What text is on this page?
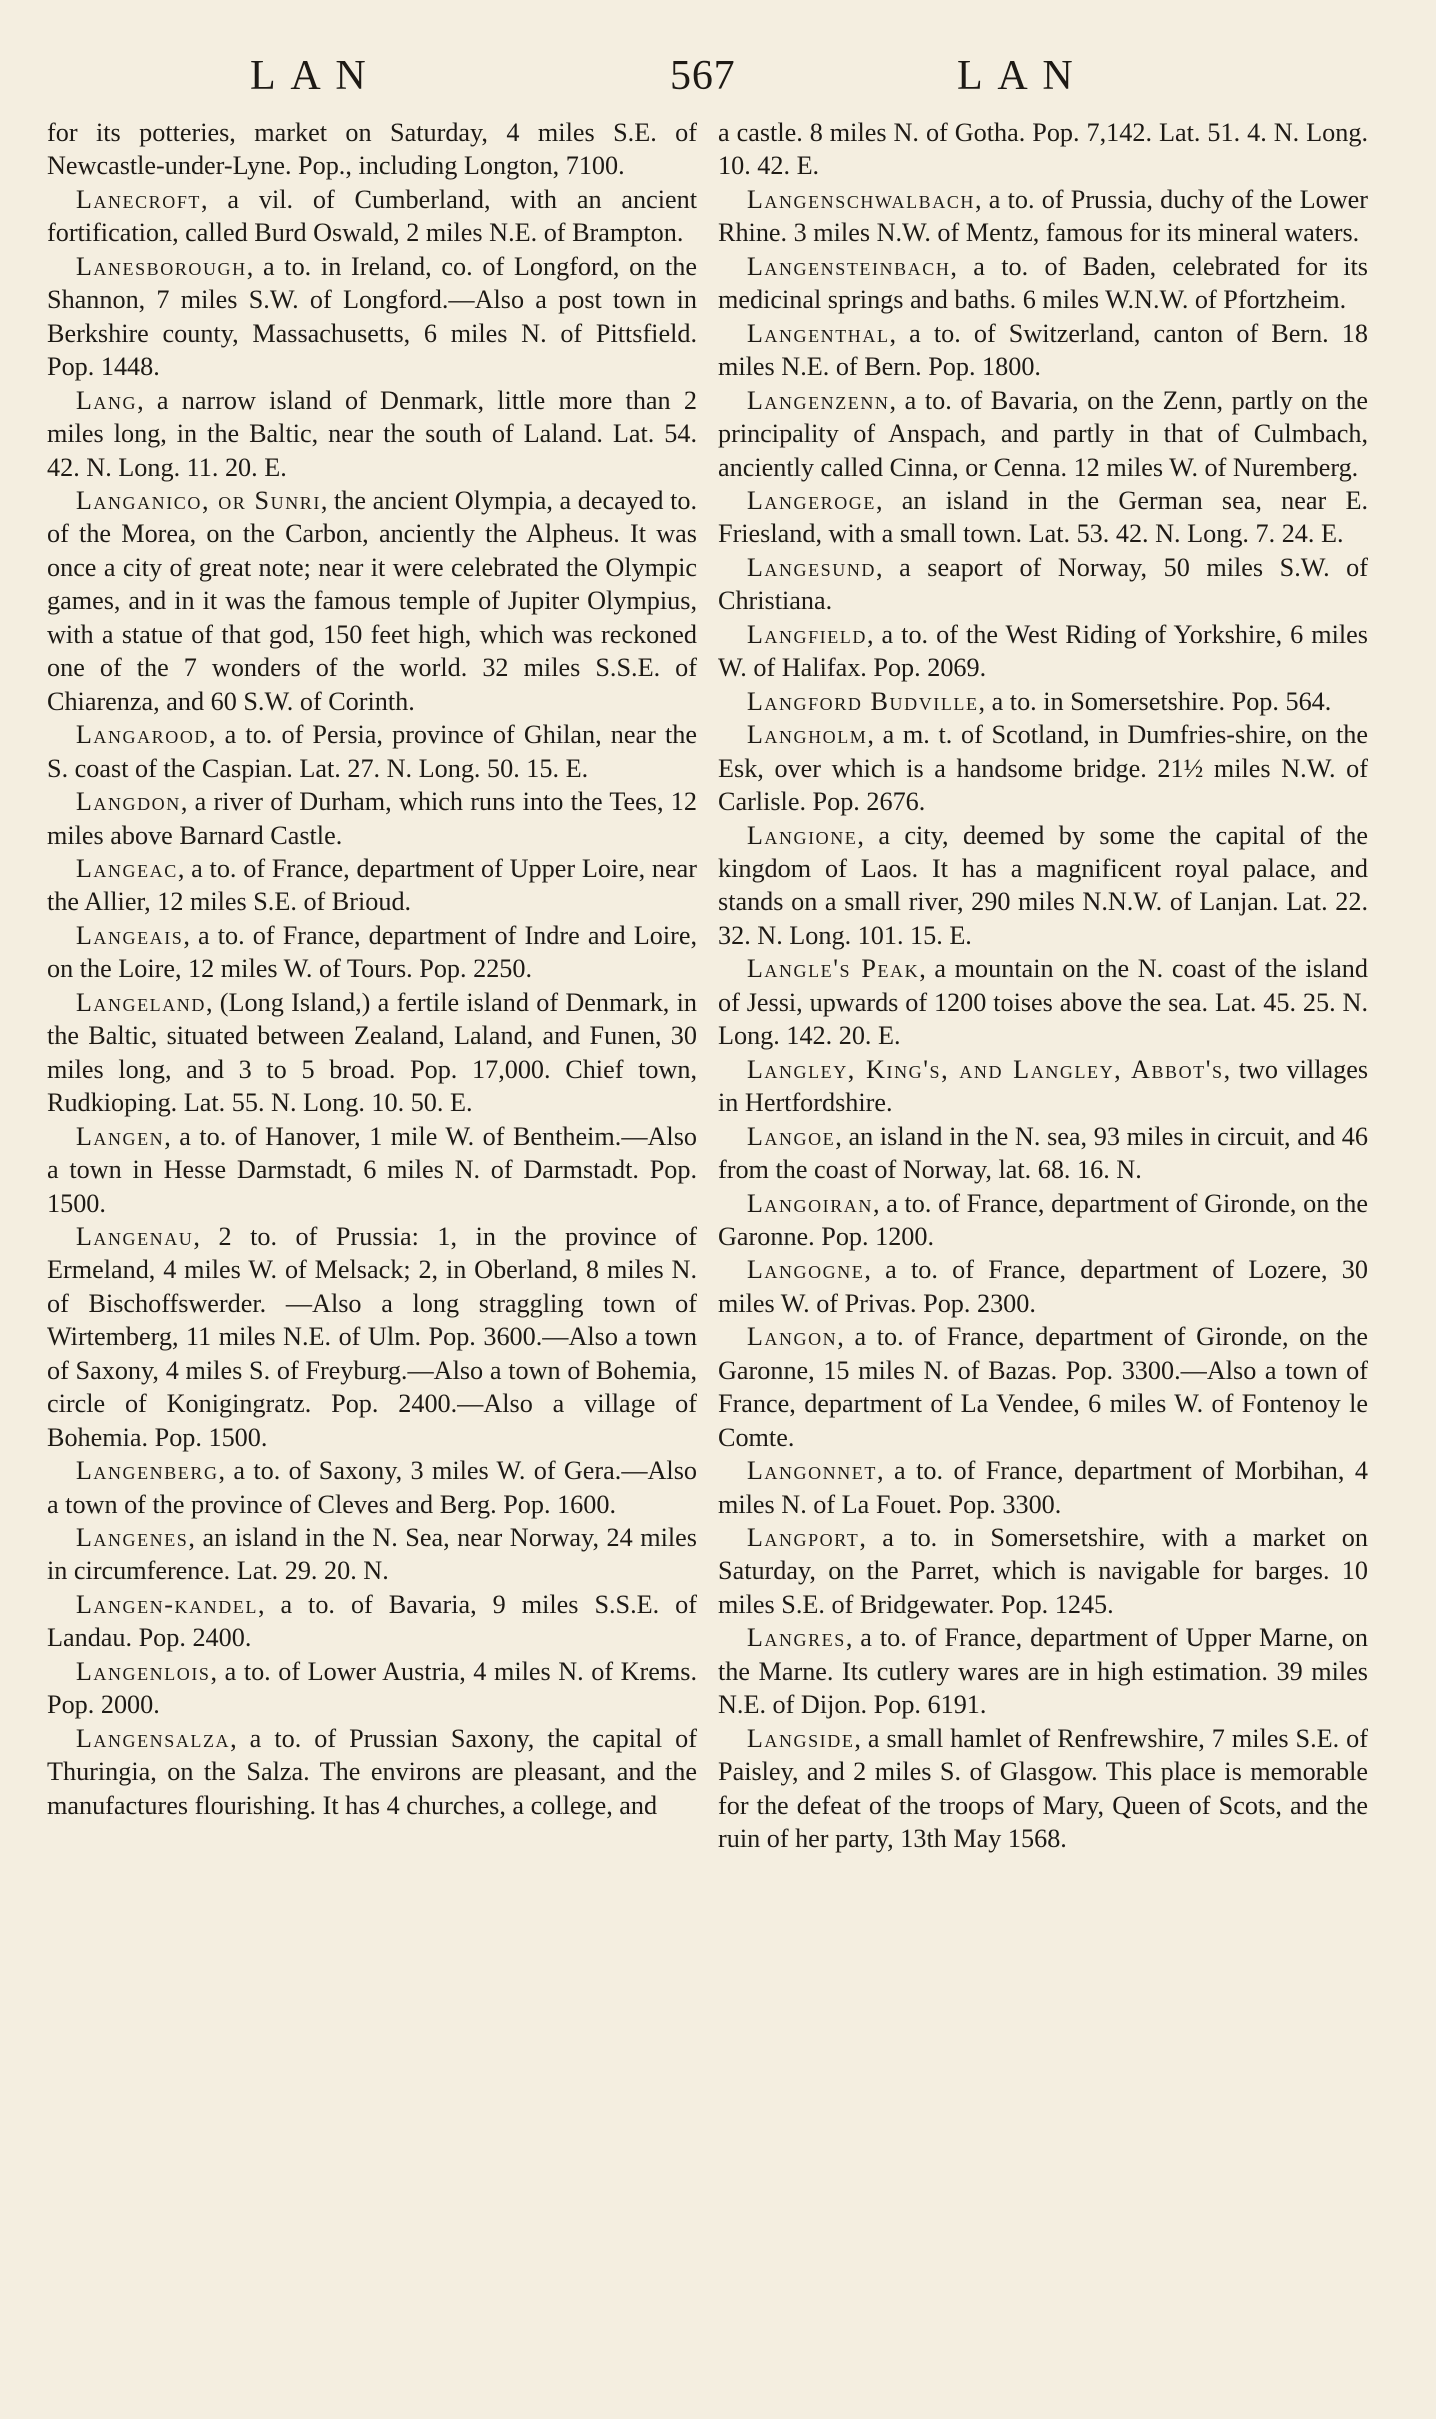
LAN	567	LAN

for its potteries, market on Saturday, 4 miles S.E. of Newcastle-under-Lyne. Pop., including Longton, 7100.

Lanecroft, a vil. of Cumberland, with an ancient fortification, called Burd Oswald, 2 miles N.E. of Brampton.

Lanesborough, a to. in Ireland, co. of Longford, on the Shannon, 7 miles S.W. of Longford.—Also a post town in Berkshire county, Massachusetts, 6 miles N. of Pittsfield. Pop. 1448.

Lang, a narrow island of Denmark, little more than 2 miles long, in the Baltic, near the south of Laland. Lat. 54. 42. N. Long. 11. 20. E.

Langanico, or Sunri, the ancient Olympia, a decayed to. of the Morea, on the Carbon, anciently the Alpheus. It was once a city of great note; near it were celebrated the Olympic games, and in it was the famous temple of Jupiter Olympius, with a statue of that god, 150 feet high, which was reckoned one of the 7 wonders of the world. 32 miles S.S.E. of Chiarenza, and 60 S.W. of Corinth.

Langarood, a to. of Persia, province of Ghilan, near the S. coast of the Caspian. Lat. 27. N. Long. 50. 15. E.

Langdon, a river of Durham, which runs into the Tees, 12 miles above Barnard Castle.

Langeac, a to. of France, department of Upper Loire, near the Allier, 12 miles S.E. of Brioud.

Langeais, a to. of France, department of Indre and Loire, on the Loire, 12 miles W. of Tours. Pop. 2250.

Langeland, (Long Island,) a fertile island of Denmark, in the Baltic, situated between Zealand, Laland, and Funen, 30 miles long, and 3 to 5 broad. Pop. 17,000. Chief town, Rudkioping. Lat. 55. N. Long. 10. 50. E.

Langen, a to. of Hanover, 1 mile W. of Bentheim.—Also a town in Hesse Darmstadt, 6 miles N. of Darmstadt. Pop. 1500.

Langenau, 2 to. of Prussia: 1, in the province of Ermeland, 4 miles W. of Melsack; 2, in Oberland, 8 miles N. of Bischoffswerder. —Also a long straggling town of Wirtemberg, 11 miles N.E. of Ulm. Pop. 3600.—Also a town of Saxony, 4 miles S. of Freyburg.—Also a town of Bohemia, circle of Konigingratz. Pop. 2400.—Also a village of Bohemia. Pop. 1500.

Langenberg, a to. of Saxony, 3 miles W. of Gera.—Also a town of the province of Cleves and Berg. Pop. 1600.

Langenes, an island in the N. Sea, near Norway, 24 miles in circumference. Lat. 29. 20. N.

Langen-kandel, a to. of Bavaria, 9 miles S.S.E. of Landau. Pop. 2400.

Langenlois, a to. of Lower Austria, 4 miles N. of Krems. Pop. 2000.

Langensalza, a to. of Prussian Saxony, the capital of Thuringia, on the Salza. The environs are pleasant, and the manufactures flourishing. It has 4 churches, a college, and

a castle. 8 miles N. of Gotha. Pop. 7,142. Lat. 51. 4. N. Long. 10. 42. E.

Langenschwalbach, a to. of Prussia, duchy of the Lower Rhine. 3 miles N.W. of Mentz, famous for its mineral waters.

Langensteinbach, a to. of Baden, celebrated for its medicinal springs and baths. 6 miles W.N.W. of Pfortzheim.

Langenthal, a to. of Switzerland, canton of Bern. 18 miles N.E. of Bern. Pop. 1800.

Langenzenn, a to. of Bavaria, on the Zenn, partly on the principality of Anspach, and partly in that of Culmbach, anciently called Cinna, or Cenna. 12 miles W. of Nuremberg.

Langeroge, an island in the German sea, near E. Friesland, with a small town. Lat. 53. 42. N. Long. 7. 24. E.

Langesund, a seaport of Norway, 50 miles S.W. of Christiana.

Langfield, a to. of the West Riding of Yorkshire, 6 miles W. of Halifax. Pop. 2069.

Langford Budville, a to. in Somersetshire. Pop. 564.

Langholm, a m. t. of Scotland, in Dumfries-shire, on the Esk, over which is a handsome bridge. 21½ miles N.W. of Carlisle. Pop. 2676.

Langione, a city, deemed by some the capital of the kingdom of Laos. It has a magnificent royal palace, and stands on a small river, 290 miles N.N.W. of Lanjan. Lat. 22. 32. N. Long. 101. 15. E.

Langle's Peak, a mountain on the N. coast of the island of Jessi, upwards of 1200 toises above the sea. Lat. 45. 25. N. Long. 142. 20. E.

Langley, King's, and Langley, Abbot's, two villages in Hertfordshire.

Langoe, an island in the N. sea, 93 miles in circuit, and 46 from the coast of Norway, lat. 68. 16. N.

Langoiran, a to. of France, department of Gironde, on the Garonne. Pop. 1200.

Langogne, a to. of France, department of Lozere, 30 miles W. of Privas. Pop. 2300.

Langon, a to. of France, department of Gironde, on the Garonne, 15 miles N. of Bazas. Pop. 3300.—Also a town of France, department of La Vendee, 6 miles W. of Fontenoy le Comte.

Langonnet, a to. of France, department of Morbihan, 4 miles N. of La Fouet. Pop. 3300.

Langport, a to. in Somersetshire, with a market on Saturday, on the Parret, which is navigable for barges. 10 miles S.E. of Bridgewater. Pop. 1245.

Langres, a to. of France, department of Upper Marne, on the Marne. Its cutlery wares are in high estimation. 39 miles N.E. of Dijon. Pop. 6191.

Langside, a small hamlet of Renfrewshire, 7 miles S.E. of Paisley, and 2 miles S. of Glasgow. This place is memorable for the defeat of the troops of Mary, Queen of Scots, and the ruin of her party, 13th May 1568.
